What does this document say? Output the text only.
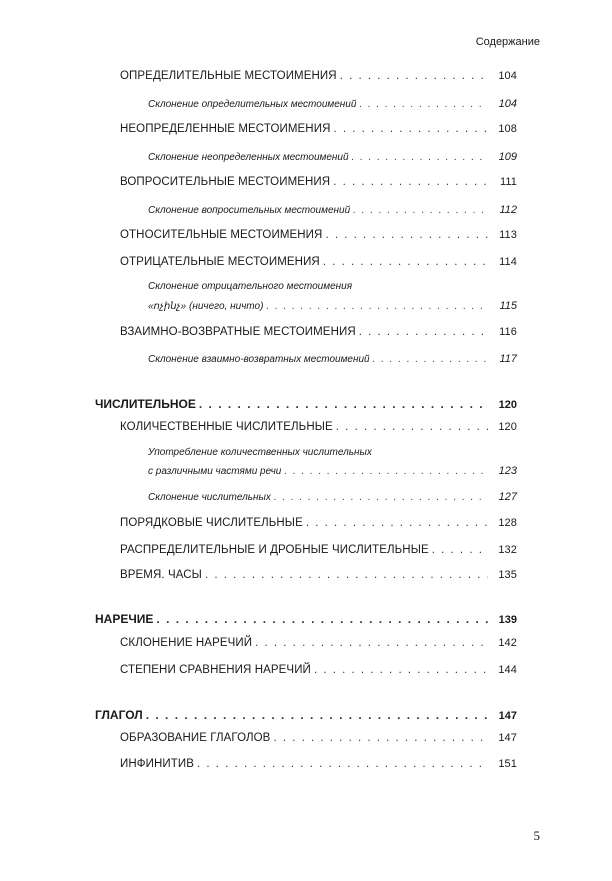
Содержание
ОПРЕДЕЛИТЕЛЬНЫЕ МЕСТОИМЕНИЯ . . .	104
Склонение определительных местоимений . . .	104
НЕОПРЕДЕЛЕННЫЕ МЕСТОИМЕНИЯ . . .	108
Склонение неопределенных местоимений . . .	109
ВОПРОСИТЕЛЬНЫЕ МЕСТОИМЕНИЯ . . .	111
Склонение вопросительных местоимений . . .	112
ОТНОСИТЕЛЬНЫЕ МЕСТОИМЕНИЯ . . .	113
ОТРИЦАТЕЛЬНЫЕ МЕСТОИМЕНИЯ . . .	114
Склонение отрицательного местоимения
«ոչինչ» (ничего, ничто) . . .	115
ВЗАИМНО-ВОЗВРАТНЫЕ МЕСТОИМЕНИЯ . . .	116
Склонение взаимно-возвратных местоимений . . .	117
ЧИСЛИТЕЛЬНОЕ . . .	120
КОЛИЧЕСТВЕННЫЕ ЧИСЛИТЕЛЬНЫЕ . . .	120
Употребление количественных числительных
с различными частями речи . . .	123
Склонение числительных . . .	127
ПОРЯДКОВЫЕ ЧИСЛИТЕЛЬНЫЕ . . .	128
РАСПРЕДЕЛИТЕЛЬНЫЕ И ДРОБНЫЕ ЧИСЛИТЕЛЬНЫЕ . . .	132
ВРЕМЯ. ЧАСЫ . . .	135
НАРЕЧИЕ . . .	139
СКЛОНЕНИЕ НАРЕЧИЙ . . .	142
СТЕПЕНИ СРАВНЕНИЯ НАРЕЧИЙ . . .	144
ГЛАГОЛ . . .	147
ОБРАЗОВАНИЕ ГЛАГОЛОВ . . .	147
ИНФИНИТИВ . . .	151
5
